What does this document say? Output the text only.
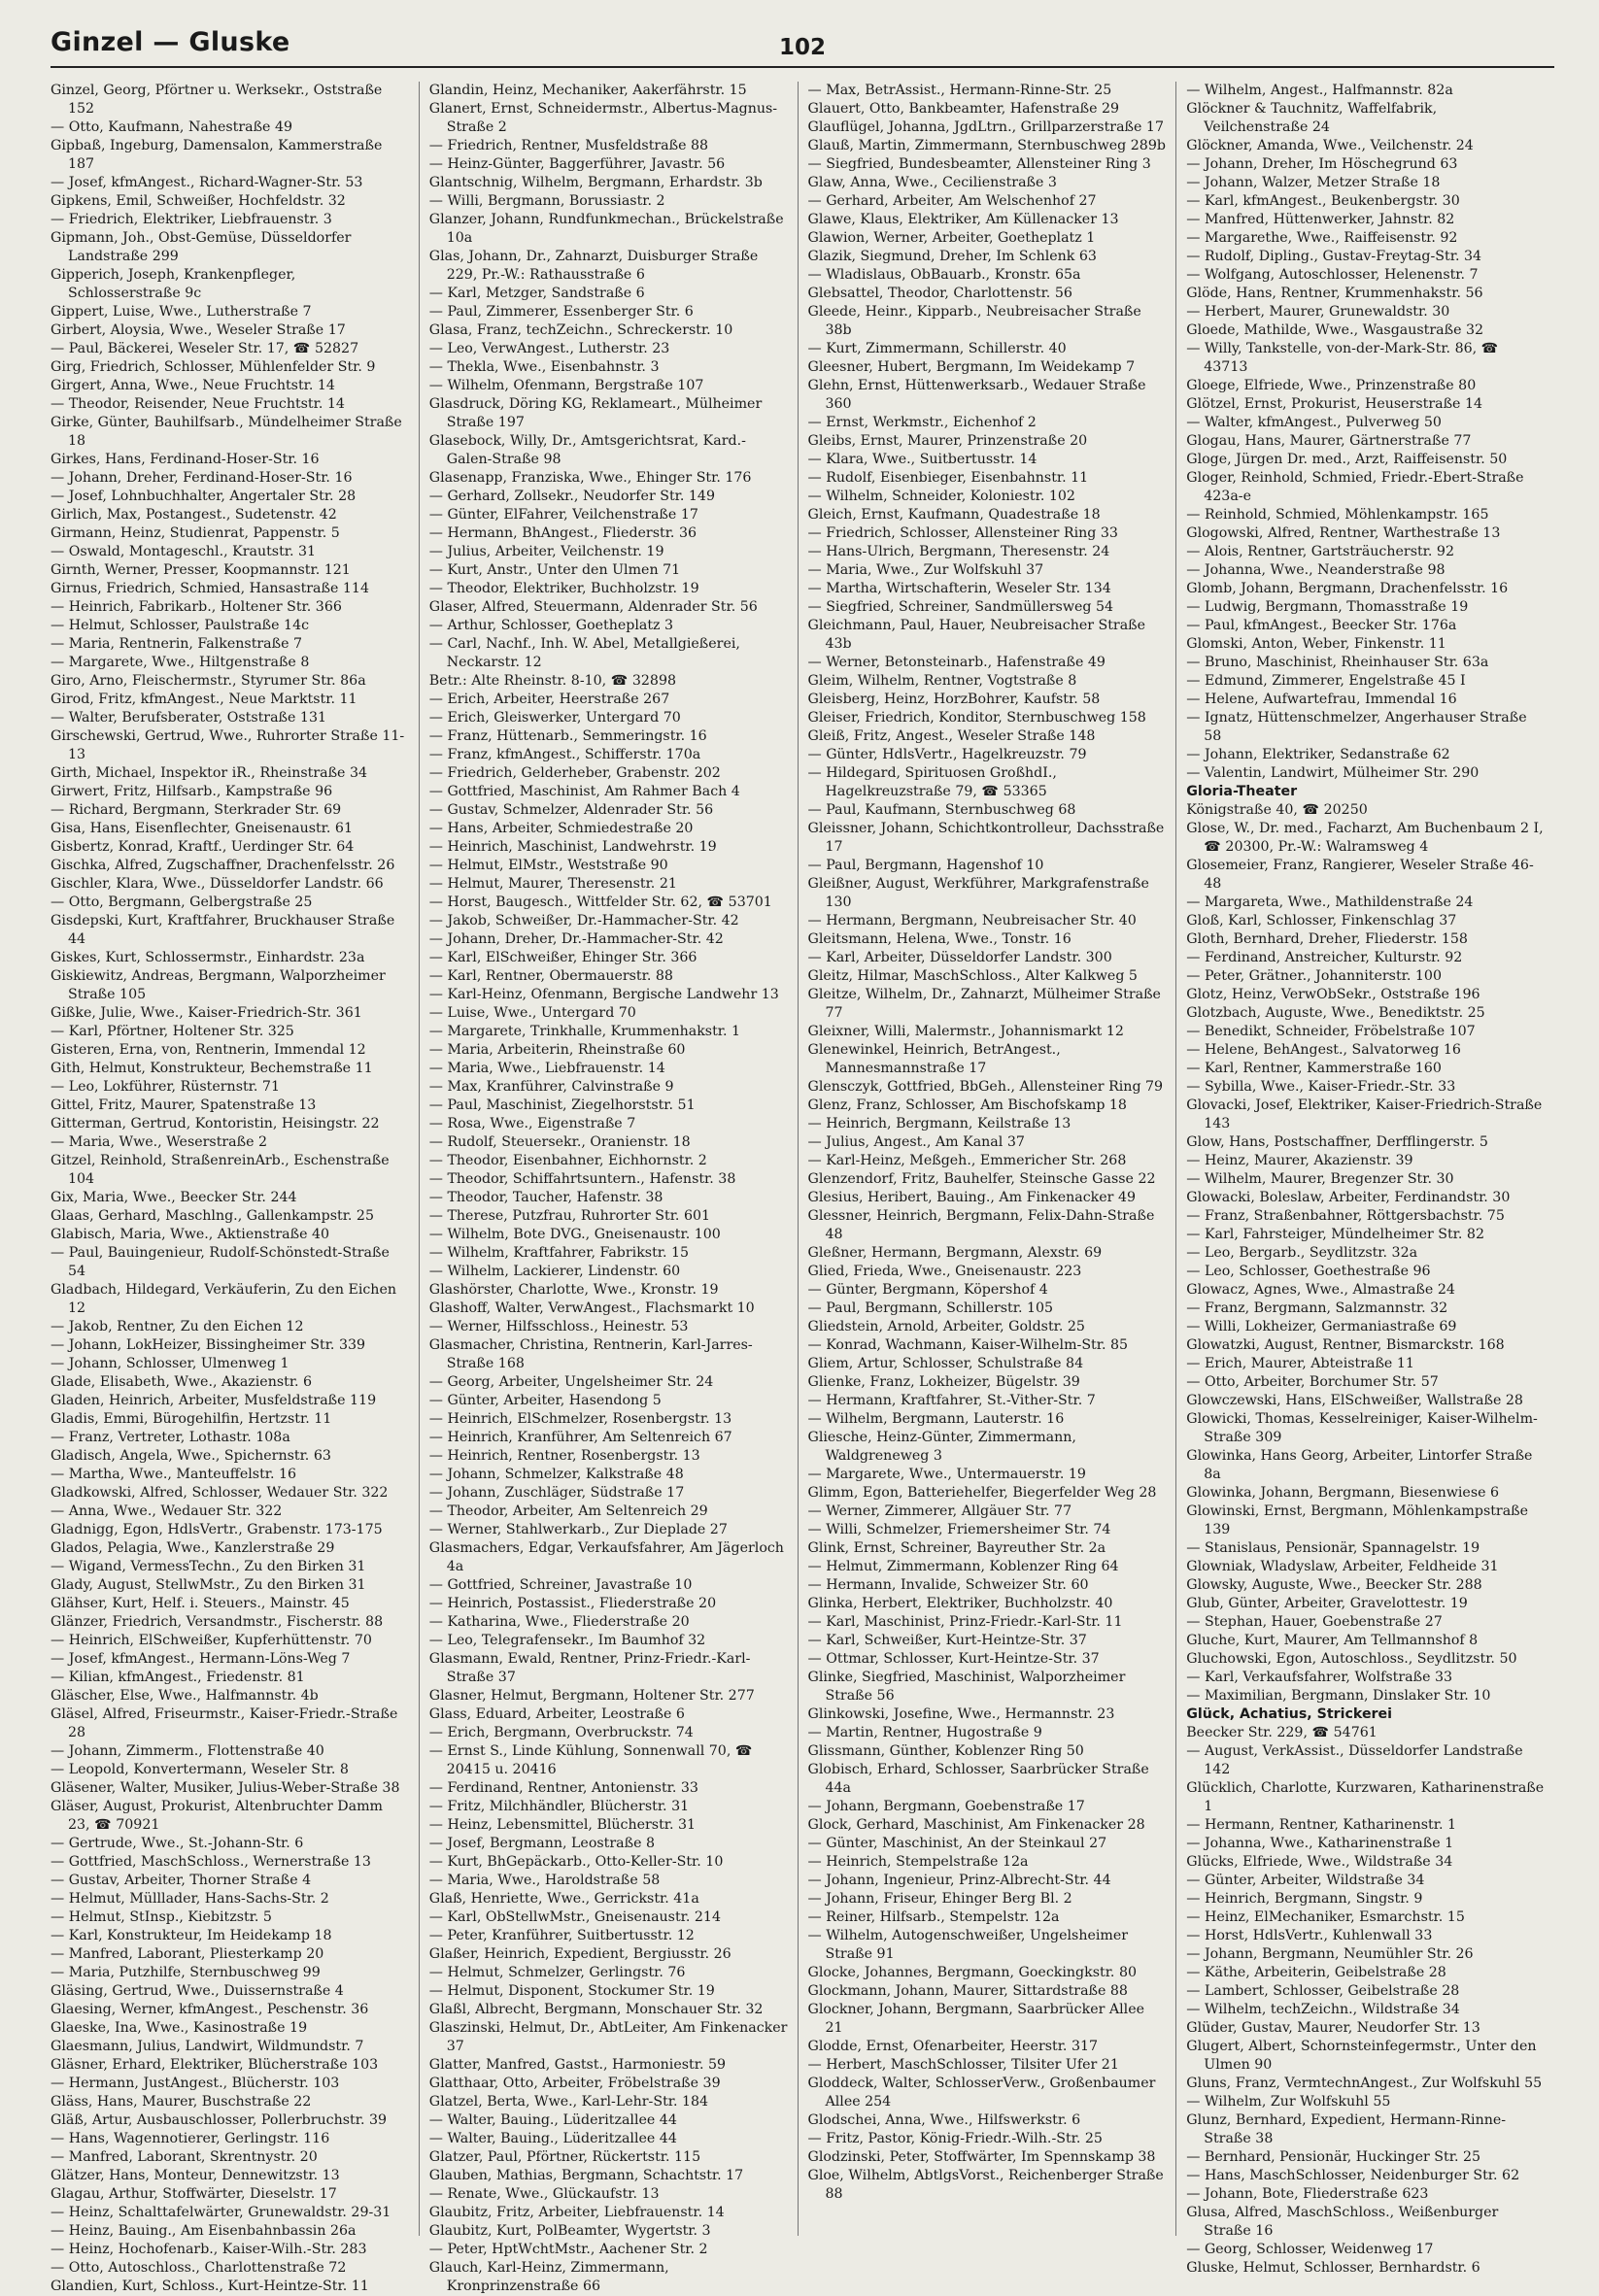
Ginzel — Gluske	102
Ginzel, Georg, Pförtner u. Werksekr., Oststraße 152
— Otto, Kaufmann, Nahestraße 49
Gipbaß, Ingeburg, Damensalon, Kammerstraße 187
— Josef, kfmAngest., Richard-Wagner-Str. 53
Gipkens, Emil, Schweißer, Hochfeldstr. 32
— Friedrich, Elektriker, Liebfrauenstr. 3
Gipmann, Joh., Obst-Gemüse, Düsseldorfer Landstraße 299
Gipperich, Joseph, Krankenpfleger, Schlosserstraße 9c
Gippert, Luise, Wwe., Lutherstraße 7
Girbert, Aloysia, Wwe., Weseler Straße 17
— Paul, Bäckerei, Weseler Str. 17, ☎ 52827
Girg, Friedrich, Schlosser, Mühlenfelder Str. 9
Girgert, Anna, Wwe., Neue Fruchtstr. 14
— Theodor, Reisender, Neue Fruchtstr. 14
Girke, Günter, Bauhilfsarb., Mündelheimer Straße 18
Girkes, Hans, Ferdinand-Hoser-Str. 16
— Johann, Dreher, Ferdinand-Hoser-Str. 16
— Josef, Lohnbuchhalter, Angertaler Str. 28
Girlich, Max, Postangest., Sudetenstr. 42
Girmann, Heinz, Studienrat, Pappenstr. 5
— Oswald, Montageschl., Krautstr. 31
Girnth, Werner, Presser, Koopmannstr. 121
Girnus, Friedrich, Schmied, Hansastraße 114
— Heinrich, Fabrikarb., Holtener Str. 366
— Helmut, Schlosser, Paulstraße 14c
— Maria, Rentnerin, Falkenstraße 7
— Margarete, Wwe., Hiltgenstraße 8
Giro, Arno, Fleischermstr., Styrumer Str. 86a
Girod, Fritz, kfmAngest., Neue Marktstr. 11
— Walter, Berufsberater, Oststraße 131
Girschewski, Gertrud, Wwe., Ruhrorter Straße 11-13
Girth, Michael, Inspektor iR., Rheinstraße 34
Girwert, Fritz, Hilfsarb., Kampstraße 96
— Richard, Bergmann, Sterkrader Str. 69
Gisa, Hans, Eisenflechter, Gneisenaustr. 61
Gisbertz, Konrad, Kraftf., Uerdinger Str. 64
Gischka, Alfred, Zugschaffner, Drachenfelsstr. 26
Gischler, Klara, Wwe., Düsseldorfer Landstr. 66
— Otto, Bergmann, Gelbergstraße 25
Gisdepski, Kurt, Kraftfahrer, Bruckhauser Straße 44
Giskes, Kurt, Schlossermstr., Einhardstr. 23a
Giskiewitz, Andreas, Bergmann, Walporzheimer Straße 105
Gißke, Julie, Wwe., Kaiser-Friedrich-Str. 361
— Karl, Pförtner, Holtener Str. 325
Gisteren, Erna, von, Rentnerin, Immendal 12
Gith, Helmut, Konstrukteur, Bechemstraße 11
— Leo, Lokführer, Rüsternstr. 71
Gittel, Fritz, Maurer, Spatenstraße 13
Gitterman, Gertrud, Kontoristin, Heisingstr. 22
— Maria, Wwe., Weserstraße 2
Gitzel, Reinhold, StraßenreinArb., Eschenstraße 104
Gix, Maria, Wwe., Beecker Str. 244
Glaas, Gerhard, Maschlng., Gallenkampstr. 25
Glabisch, Maria, Wwe., Aktienstraße 40
— Paul, Bauingenieur, Rudolf-Schönstedt-Straße 54
Gladbach, Hildegard, Verkäuferin, Zu den Eichen 12
— Jakob, Rentner, Zu den Eichen 12
— Johann, LokHeizer, Bissingheimer Str. 339
— Johann, Schlosser, Ulmenweg 1
Glade, Elisabeth, Wwe., Akazienstr. 6
Gladen, Heinrich, Arbeiter, Musfeldstraße 119
Gladis, Emmi, Bürogehilfin, Hertzstr. 11
— Franz, Vertreter, Lothastr. 108a
Gladisch, Angela, Wwe., Spichernstr. 63
— Martha, Wwe., Manteuffelstr. 16
Gladkowski, Alfred, Schlosser, Wedauer Str. 322
— Anna, Wwe., Wedauer Str. 322
Gladnigg, Egon, HdlsVertr., Grabenstr. 173-175
Glados, Pelagia, Wwe., Kanzlerstraße 29
— Wigand, VermessTechn., Zu den Birken 31
Glady, August, StellwMstr., Zu den Birken 31
Glähser, Kurt, Helf. i. Steuers., Mainstr. 45
Glänzer, Friedrich, Versandmstr., Fischerstr. 88
— Heinrich, ElSchweißer, Kupferhüttenstr. 70
— Josef, kfmAngest., Hermann-Löns-Weg 7
— Kilian, kfmAngest., Friedenstr. 81
Gläscher, Else, Wwe., Halfmannstr. 4b
Gläsel, Alfred, Friseurmstr., Kaiser-Friedr.-Straße 28
— Johann, Zimmerm., Flottenstraße 40
— Leopold, Konvertermann, Weseler Str. 8
Gläsener, Walter, Musiker, Julius-Weber-Straße 38
Gläser, August, Prokurist, Altenbruchter Damm 23, ☎ 70921
— Gertrude, Wwe., St.-Johann-Str. 6
— Gottfried, MaschSchloss., Wernerstraße 13
— Gustav, Arbeiter, Thorner Straße 4
— Helmut, Mülllader, Hans-Sachs-Str. 2
— Helmut, StInsp., Kiebitzstr. 5
— Karl, Konstrukteur, Im Heidekamp 18
— Manfred, Laborant, Pliesterkamp 20
— Maria, Putzhilfe, Sternbuschweg 99
Gläsing, Gertrud, Wwe., Duissernstraße 4
Glaesing, Werner, kfmAngest., Peschenstr. 36
Glaeske, Ina, Wwe., Kasinostraße 19
Glaesmann, Julius, Landwirt, Wildmundstr. 7
Gläsner, Erhard, Elektriker, Blücherstraße 103
— Hermann, JustAngest., Blücherstr. 103
Gläss, Hans, Maurer, Buschstraße 22
Gläß, Artur, Ausbauschlosser, Pollerbruchstr. 39
— Hans, Wagennotierer, Gerlingstr. 116
— Manfred, Laborant, Skrentnystr. 20
Glätzer, Hans, Monteur, Dennewitzstr. 13
Glagau, Arthur, Stoffwärter, Dieselstr. 17
— Heinz, Schalttafelwärter, Grunewaldstr. 29-31
— Heinz, Bauing., Am Eisenbahnbassin 26a
— Heinz, Hochofenarb., Kaiser-Wilh.-Str. 283
— Otto, Autoschloss., Charlottenstraße 72
Glandien, Kurt, Schloss., Kurt-Heintze-Str. 11
Glandin, Heinz, Mechaniker, Aakerfährstr. 15
Glanert, Ernst, Schneidermstr., Albertus-Magnus-Straße 2
— Friedrich, Rentner, Musfeldstraße 88
— Heinz-Günter, Baggerführer, Javastr. 56
Glantschnig, Wilhelm, Bergmann, Erhardstr. 3b
— Willi, Bergmann, Borussiastr. 2
Glanzer, Johann, Rundfunkmechan., Brückelstraße 10a
Glas, Johann, Dr., Zahnarzt, Duisburger Straße 229, Pr.-W.: Rathausstraße 6
— Karl, Metzger, Sandstraße 6
— Paul, Zimmerer, Essenberger Str. 6
Glasa, Franz, techZeichn., Schreckerstr. 10
— Leo, VerwAngest., Lutherstr. 23
— Thekla, Wwe., Eisenbahnstr. 3
— Wilhelm, Ofenmann, Bergstraße 107
Glasdruck, Döring KG, Reklameart., Mülheimer Straße 197
Glasebock, Willy, Dr., Amtsgerichtsrat, Kard.-Galen-Straße 98
Glasenapp, Franziska, Wwe., Ehinger Str. 176
— Gerhard, Zollsekr., Neudorfer Str. 149
— Günter, ElFahrer, Veilchenstraße 17
— Hermann, BhAngest., Fliederstr. 36
— Julius, Arbeiter, Veilchenstr. 19
— Kurt, Anstr., Unter den Ulmen 71
— Theodor, Elektriker, Buchholzstr. 19
Glaser, Alfred, Steuermann, Aldenrader Str. 56
— Arthur, Schlosser, Goetheplatz 3
— Carl, Nachf., Inh. W. Abel, Metallgießerei, Neckarstr. 12
Betr.: Alte Rheinstr. 8-10, ☎ 32898
— Erich, Arbeiter, Heerstraße 267
— Erich, Gleiswerker, Untergard 70
— Franz, Hüttenarb., Semmeringstr. 16
— Franz, kfmAngest., Schifferstr. 170a
— Friedrich, Gelderheber, Grabenstr. 202
— Gottfried, Maschinist, Am Rahmer Bach 4
— Gustav, Schmelzer, Aldenrader Str. 56
— Hans, Arbeiter, Schmiedestraße 20
— Heinrich, Maschinist, Landwehrstr. 19
— Helmut, ElMstr., Weststraße 90
— Helmut, Maurer, Theresenstr. 21
— Horst, Baugesch., Wittfelder Str. 62, ☎ 53701
— Jakob, Schweißer, Dr.-Hammacher-Str. 42
— Johann, Dreher, Dr.-Hammacher-Str. 42
— Karl, ElSchweißer, Ehinger Str. 366
— Karl, Rentner, Obermauerstr. 88
— Karl-Heinz, Ofenmann, Bergische Landwehr 13
— Luise, Wwe., Untergard 70
— Margarete, Trinkhalle, Krummenhakstr. 1
— Maria, Arbeiterin, Rheinstraße 60
— Maria, Wwe., Liebfrauenstr. 14
— Max, Kranführer, Calvinstraße 9
— Paul, Maschinist, Ziegelhorststr. 51
— Rosa, Wwe., Eigenstraße 7
— Rudolf, Steuersekr., Oranienstr. 18
— Theodor, Eisenbahner, Eichhornstr. 2
— Theodor, Schiffahrtsuntern., Hafenstr. 38
— Theodor, Taucher, Hafenstr. 38
— Therese, Putzfrau, Ruhrorter Str. 601
— Wilhelm, Bote DVG., Gneisenaustr. 100
— Wilhelm, Kraftfahrer, Fabrikstr. 15
— Wilhelm, Lackierer, Lindenstr. 60
Glashörster, Charlotte, Wwe., Kronstr. 19
Glashoff, Walter, VerwAngest., Flachsmarkt 10
— Werner, Hilfsschloss., Heinestr. 53
Glasmacher, Christina, Rentnerin, Karl-Jarres-Straße 168
— Georg, Arbeiter, Ungelsheimer Str. 24
— Günter, Arbeiter, Hasendong 5
— Heinrich, ElSchmelzer, Rosenbergstr. 13
— Heinrich, Kranführer, Am Seltenreich 67
— Heinrich, Rentner, Rosenbergstr. 13
— Johann, Schmelzer, Kalkstraße 48
— Johann, Zuschläger, Südstraße 17
— Theodor, Arbeiter, Am Seltenreich 29
— Werner, Stahlwerkarb., Zur Dieplade 27
Glasmachers, Edgar, Verkaufsfahrer, Am Jägerloch 4a
— Gottfried, Schreiner, Javastraße 10
— Heinrich, Postassist., Fliederstraße 20
— Katharina, Wwe., Fliederstraße 20
— Leo, Telegrafensekr., Im Baumhof 32
Glasmann, Ewald, Rentner, Prinz-Friedr.-Karl-Straße 37
Glasner, Helmut, Bergmann, Holtener Str. 277
Glass, Eduard, Arbeiter, Leostraße 6
— Erich, Bergmann, Overbruckstr. 74
— Ernst S., Linde Kühlung, Sonnenwall 70, ☎ 20415 u. 20416
— Ferdinand, Rentner, Antonienstr. 33
— Fritz, Milchhändler, Blücherstr. 31
— Heinz, Lebensmittel, Blücherstr. 31
— Josef, Bergmann, Leostraße 8
— Kurt, BhGepäckarb., Otto-Keller-Str. 10
— Maria, Wwe., Haroldstraße 58
Glaß, Henriette, Wwe., Gerrickstr. 41a
— Karl, ObStellwMstr., Gneisenaustr. 214
— Peter, Kranführer, Suitbertusstr. 12
Glaßer, Heinrich, Expedient, Bergiusstr. 26
— Helmut, Schmelzer, Gerlingstr. 76
— Helmut, Disponent, Stockumer Str. 19
Glaßl, Albrecht, Bergmann, Monschauer Str. 32
Glaszinski, Helmut, Dr., AbtLeiter, Am Finkenacker 37
Glatter, Manfred, Gastst., Harmoniestr. 59
Glatthaar, Otto, Arbeiter, Fröbelstraße 39
Glatzel, Berta, Wwe., Karl-Lehr-Str. 184
— Walter, Bauing., Lüderitzallee 44
— Walter, Bauing., Lüderitzallee 44
Glatzer, Paul, Pförtner, Rückertstr. 115
Glauben, Mathias, Bergmann, Schachtstr. 17
— Renate, Wwe., Glückaufstr. 13
Glaubitz, Fritz, Arbeiter, Liebfrauenstr. 14
Glaubitz, Kurt, PolBeamter, Wygertstr. 3
— Peter, HptWchtMstr., Aachener Str. 2
Glauch, Karl-Heinz, Zimmermann, Kronprinzenstraße 66
— Max, BetrAssist., Hermann-Rinne-Str. 25
Glauert, Otto, Bankbeamter, Hafenstraße 29
Glauflügel, Johanna, JgdLtrn., Grillparzerstraße 17
Glauß, Martin, Zimmermann, Sternbuschweg 289b
— Siegfried, Bundesbeamter, Allensteiner Ring 3
Glaw, Anna, Wwe., Cecilienstraße 3
— Gerhard, Arbeiter, Am Welschenhof 27
Glawe, Klaus, Elektriker, Am Küllenacker 13
Glawion, Werner, Arbeiter, Goetheplatz 1
Glazik, Siegmund, Dreher, Im Schlenk 63
— Wladislaus, ObBauarb., Kronstr. 65a
Glebsattel, Theodor, Charlottenstr. 56
Gleede, Heinr., Kipparb., Neubreisacher Straße 38b
— Kurt, Zimmermann, Schillerstr. 40
Gleesner, Hubert, Bergmann, Im Weidekamp 7
Glehn, Ernst, Hüttenwerksarb., Wedauer Straße 360
— Ernst, Werkmstr., Eichenhof 2
Gleibs, Ernst, Maurer, Prinzenstraße 20
— Klara, Wwe., Suitbertusstr. 14
— Rudolf, Eisenbieger, Eisenbahnstr. 11
— Wilhelm, Schneider, Koloniestr. 102
Gleich, Ernst, Kaufmann, Quadestraße 18
— Friedrich, Schlosser, Allensteiner Ring 33
— Hans-Ulrich, Bergmann, Theresenstr. 24
— Maria, Wwe., Zur Wolfskuhl 37
— Martha, Wirtschafterin, Weseler Str. 134
— Siegfried, Schreiner, Sandmüllersweg 54
Gleichmann, Paul, Hauer, Neubreisacher Straße 43b
— Werner, Betonsteinarb., Hafenstraße 49
Gleim, Wilhelm, Rentner, Vogtstraße 8
Gleisberg, Heinz, HorzBohrer, Kaufstr. 58
Gleiser, Friedrich, Konditor, Sternbuschweg 158
Gleiß, Fritz, Angest., Weseler Straße 148
— Günter, HdlsVertr., Hagelkreuzstr. 79
— Hildegard, Spirituosen GroßhdI., Hagelkreuzstraße 79, ☎ 53365
— Paul, Kaufmann, Sternbuschweg 68
Gleissner, Johann, Schichtkontrolleur, Dachsstraße 17
— Paul, Bergmann, Hagenshof 10
Gleißner, August, Werkführer, Markgrafenstraße 130
— Hermann, Bergmann, Neubreisacher Str. 40
Gleitsmann, Helena, Wwe., Tonstr. 16
— Karl, Arbeiter, Düsseldorfer Landstr. 300
Gleitz, Hilmar, MaschSchloss., Alter Kalkweg 5
Gleitze, Wilhelm, Dr., Zahnarzt, Mülheimer Straße 77
Gleixner, Willi, Malermstr., Johannismarkt 12
Glenewinkel, Heinrich, BetrAngest., Mannesmannstraße 17
Glensczyk, Gottfried, BbGeh., Allensteiner Ring 79
Glenz, Franz, Schlosser, Am Bischofskamp 18
— Heinrich, Bergmann, Keilstraße 13
— Julius, Angest., Am Kanal 37
— Karl-Heinz, Meßgeh., Emmericher Str. 268
Glenzendorf, Fritz, Bauhelfer, Steinsche Gasse 22
Glesius, Heribert, Bauing., Am Finkenacker 49
Glessner, Heinrich, Bergmann, Felix-Dahn-Straße 48
Gleßner, Hermann, Bergmann, Alexstr. 69
Glied, Frieda, Wwe., Gneisenaustr. 223
— Günter, Bergmann, Köpershof 4
— Paul, Bergmann, Schillerstr. 105
Gliedstein, Arnold, Arbeiter, Goldstr. 25
— Konrad, Wachmann, Kaiser-Wilhelm-Str. 85
Gliem, Artur, Schlosser, Schulstraße 84
Glienke, Franz, Lokheizer, Bügelstr. 39
— Hermann, Kraftfahrer, St.-Vither-Str. 7
— Wilhelm, Bergmann, Lauterstr. 16
Gliesche, Heinz-Günter, Zimmermann, Waldgreneweg 3
— Margarete, Wwe., Untermauerstr. 19
Glimm, Egon, Batteriehelfer, Biegerfelder Weg 28
— Werner, Zimmerer, Allgäuer Str. 77
— Willi, Schmelzer, Friemersheimer Str. 74
Glink, Ernst, Schreiner, Bayreuther Str. 2a
— Helmut, Zimmermann, Koblenzer Ring 64
— Hermann, Invalide, Schweizer Str. 60
Glinka, Herbert, Elektriker, Buchholzstr. 40
— Karl, Maschinist, Prinz-Friedr.-Karl-Str. 11
— Karl, Schweißer, Kurt-Heintze-Str. 37
— Ottmar, Schlosser, Kurt-Heintze-Str. 37
Glinke, Siegfried, Maschinist, Walporzheimer Straße 56
Glinkowski, Josefine, Wwe., Hermannstr. 23
— Martin, Rentner, Hugostraße 9
Glissmann, Günther, Koblenzer Ring 50
Globisch, Erhard, Schlosser, Saarbrücker Straße 44a
— Johann, Bergmann, Goebenstraße 17
Glock, Gerhard, Maschinist, Am Finkenacker 28
— Günter, Maschinist, An der Steinkaul 27
— Heinrich, Stempelstraße 12a
— Johann, Ingenieur, Prinz-Albrecht-Str. 44
— Johann, Friseur, Ehinger Berg Bl. 2
— Reiner, Hilfsarb., Stempelstr. 12a
— Wilhelm, Autogenschweißer, Ungelsheimer Straße 91
Glocke, Johannes, Bergmann, Goeckingkstr. 80
Glockmann, Johann, Maurer, Sittardstraße 88
Glockner, Johann, Bergmann, Saarbrücker Allee 21
Glodde, Ernst, Ofenarbeiter, Heerstr. 317
— Herbert, MaschSchlosser, Tilsiter Ufer 21
Gloddeck, Walter, SchlosserVerw., Großenbaumer Allee 254
Glodschei, Anna, Wwe., Hilfswerkstr. 6
— Fritz, Pastor, König-Friedr.-Wilh.-Str. 25
Glodzinski, Peter, Stoffwärter, Im Spennskamp 38
Gloe, Wilhelm, AbtlgsVorst., Reichenberger Straße 88
— Wilhelm, Angest., Halfmannstr. 82a
Glöckner & Tauchnitz, Waffelfabrik, Veilchenstraße 24
Glöckner, Amanda, Wwe., Veilchenstr. 24
— Johann, Dreher, Im Höschegrund 63
— Johann, Walzer, Metzer Straße 18
— Karl, kfmAngest., Beukenbergstr. 30
— Manfred, Hüttenwerker, Jahnstr. 82
— Margarethe, Wwe., Raiffeisenstr. 92
— Rudolf, Dipling., Gustav-Freytag-Str. 34
— Wolfgang, Autoschlosser, Helenenstr. 7
Glöde, Hans, Rentner, Krummenhakstr. 56
— Herbert, Maurer, Grunewaldstr. 30
Gloede, Mathilde, Wwe., Wasgaustraße 32
— Willy, Tankstelle, von-der-Mark-Str. 86, ☎ 43713
Gloege, Elfriede, Wwe., Prinzenstraße 80
Glötzel, Ernst, Prokurist, Heuserstraße 14
— Walter, kfmAngest., Pulverweg 50
Glogau, Hans, Maurer, Gärtnerstraße 77
Gloge, Jürgen Dr. med., Arzt, Raiffeisenstr. 50
Gloger, Reinhold, Schmied, Friedr.-Ebert-Straße 423a-e
— Reinhold, Schmied, Möhlenkampstr. 165
Glogowski, Alfred, Rentner, Warthestraße 13
— Alois, Rentner, Gartsträucherstr. 92
— Johanna, Wwe., Neanderstraße 98
Glomb, Johann, Bergmann, Drachenfelsstr. 16
— Ludwig, Bergmann, Thomasstraße 19
— Paul, kfmAngest., Beecker Str. 176a
Glomski, Anton, Weber, Finkenstr. 11
— Bruno, Maschinist, Rheinhauser Str. 63a
— Edmund, Zimmerer, Engelstraße 45 I
— Helene, Aufwartefrau, Immendal 16
— Ignatz, Hüttenschmelzer, Angerhauser Straße 58
— Johann, Elektriker, Sedanstraße 62
— Valentin, Landwirt, Mülheimer Str. 290
Gloria-Theater
Königstraße 40, ☎ 20250
Glose, W., Dr. med., Facharzt, Am Buchenbaum 2 I, ☎ 20300, Pr.-W.: Walramsweg 4
Glosemeier, Franz, Rangierer, Weseler Straße 46-48
— Margareta, Wwe., Mathildenstraße 24
Gloß, Karl, Schlosser, Finkenschlag 37
Gloth, Bernhard, Dreher, Fliederstr. 158
— Ferdinand, Anstreicher, Kulturstr. 92
— Peter, Grätner., Johanniterstr. 100
Glotz, Heinz, VerwObSekr., Oststraße 196
Glotzbach, Auguste, Wwe., Benediktstr. 25
— Benedikt, Schneider, Fröbelstraße 107
— Helene, BehAngest., Salvatorweg 16
— Karl, Rentner, Kammerstraße 160
— Sybilla, Wwe., Kaiser-Friedr.-Str. 33
Glovacki, Josef, Elektriker, Kaiser-Friedrich-Straße 143
Glow, Hans, Postschaffner, Derfflingerstr. 5
— Heinz, Maurer, Akazienstr. 39
— Wilhelm, Maurer, Bregenzer Str. 30
Glowacki, Boleslaw, Arbeiter, Ferdinandstr. 30
— Franz, Straßenbahner, Röttgersbachstr. 75
— Karl, Fahrsteiger, Mündelheimer Str. 82
— Leo, Bergarb., Seydlitzstr. 32a
— Leo, Schlosser, Goethestraße 96
Glowacz, Agnes, Wwe., Almastraße 24
— Franz, Bergmann, Salzmannstr. 32
— Willi, Lokheizer, Germaniastraße 69
Glowatzki, August, Rentner, Bismarckstr. 168
— Erich, Maurer, Abteistraße 11
— Otto, Arbeiter, Borchumer Str. 57
Glowczewski, Hans, ElSchweißer, Wallstraße 28
Glowicki, Thomas, Kesselreiniger, Kaiser-Wilhelm-Straße 309
Glowinka, Hans Georg, Arbeiter, Lintorfer Straße 8a
Glowinka, Johann, Bergmann, Biesenwiese 6
Glowinski, Ernst, Bergmann, Möhlenkampstraße 139
— Stanislaus, Pensionär, Spannagelstr. 19
Glowniak, Wladyslaw, Arbeiter, Feldheide 31
Glowsky, Auguste, Wwe., Beecker Str. 288
Glub, Günter, Arbeiter, Gravelottestr. 19
— Stephan, Hauer, Goebenstraße 27
Gluche, Kurt, Maurer, Am Tellmannshof 8
Gluchowski, Egon, Autoschloss., Seydlitzstr. 50
— Karl, Verkaufsfahrer, Wolfstraße 33
— Maximilian, Bergmann, Dinslaker Str. 10
Glück, Achatius, Strickerei
Beecker Str. 229, ☎ 54761
— August, VerkAssist., Düsseldorfer Landstraße 142
Glücklich, Charlotte, Kurzwaren, Katharinenstraße 1
— Hermann, Rentner, Katharinenstr. 1
— Johanna, Wwe., Katharinenstraße 1
Glücks, Elfriede, Wwe., Wildstraße 34
— Günter, Arbeiter, Wildstraße 34
— Heinrich, Bergmann, Singstr. 9
— Heinz, ElMechaniker, Esmarchstr. 15
— Horst, HdlsVertr., Kuhlenwall 33
— Johann, Bergmann, Neumühler Str. 26
— Käthe, Arbeiterin, Geibelstraße 28
— Lambert, Schlosser, Geibelstraße 28
— Wilhelm, techZeichn., Wildstraße 34
Glüder, Gustav, Maurer, Neudorfer Str. 13
Glugert, Albert, Schornsteinfegermstr., Unter den Ulmen 90
Gluns, Franz, VermtechnAngest., Zur Wolfskuhl 55
— Wilhelm, Zur Wolfskuhl 55
Glunz, Bernhard, Expedient, Hermann-Rinne-Straße 38
— Bernhard, Pensionär, Huckinger Str. 25
— Hans, MaschSchlosser, Neidenburger Str. 62
— Johann, Bote, Fliederstraße 623
Glusa, Alfred, MaschSchloss., Weißenburger Straße 16
— Georg, Schlosser, Weidenweg 17
Gluske, Helmut, Schlosser, Bernhardstr. 6
